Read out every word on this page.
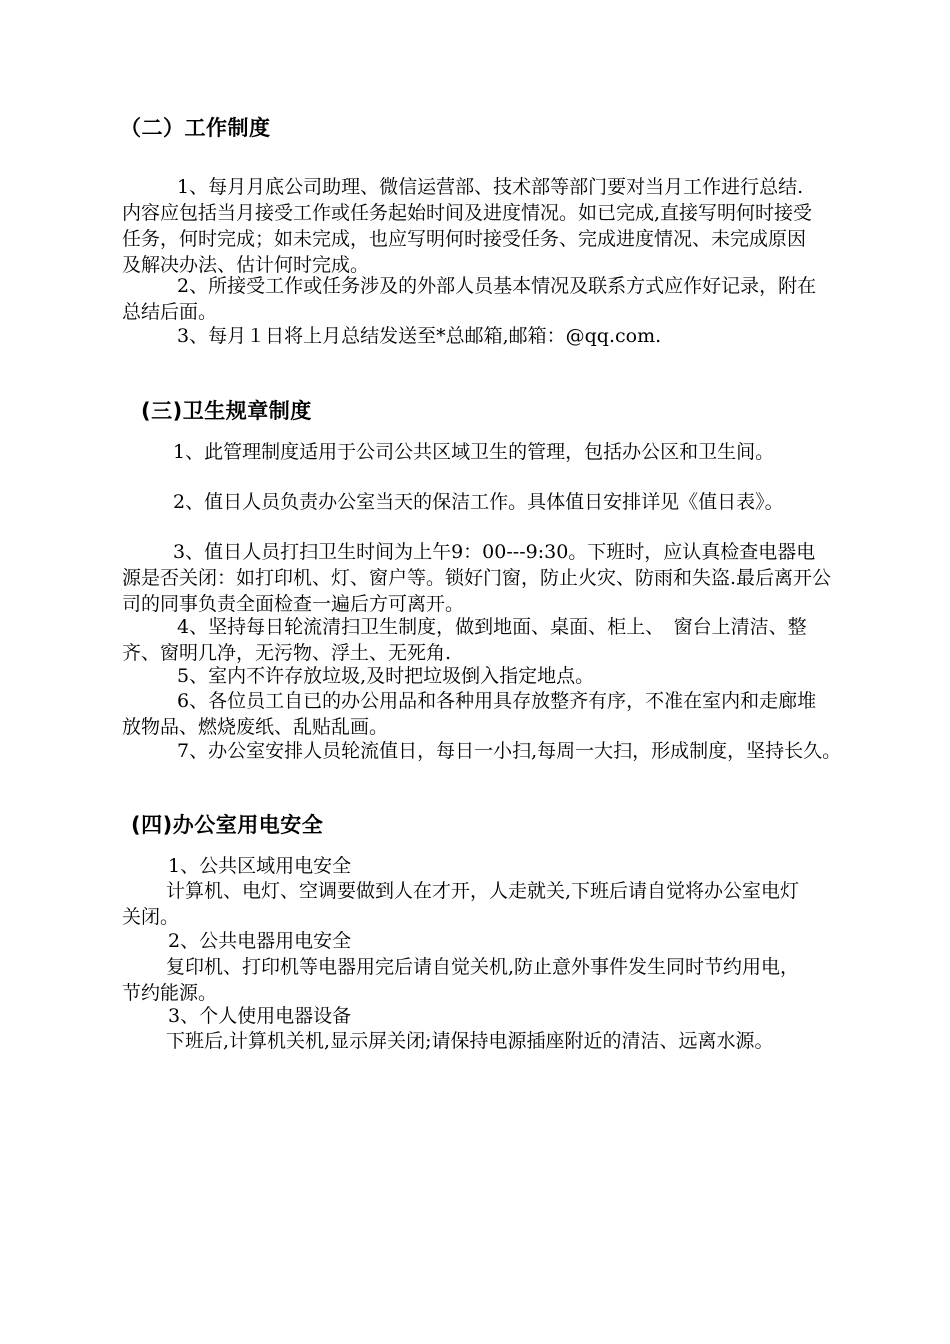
（二）工作制度
1、每月月底公司助理、微信运营部、技术部等部门要对当月工作进行总结.内容应包括当月接受工作或任务起始时间及进度情况。如已完成,直接写明何时接受任务，何时完成；如未完成，也应写明何时接受任务、完成进度情况、未完成原因及解决办法、估计何时完成。
2、所接受工作或任务涉及的外部人员基本情况及联系方式应作好记录，附在总结后面。
3、每月１日将上月总结发送至*总邮箱,邮箱：@qq.com.
(三)卫生规章制度
1、此管理制度适用于公司公共区域卫生的管理，包括办公区和卫生间。
2、值日人员负责办公室当天的保洁工作。具体值日安排详见《值日表》。
3、值日人员打扫卫生时间为上午9：00---9:30。下班时，应认真检查电器电源是否关闭：如打印机、灯、窗户等。锁好门窗，防止火灾、防雨和失盗.最后离开公司的同事负责全面检查一遍后方可离开。
4、坚持每日轮流清扫卫生制度，做到地面、桌面、柜上、　窗台上清洁、整齐、窗明几净，无污物、浮土、无死角.
5、室内不许存放垃圾,及时把垃圾倒入指定地点。
6、各位员工自已的办公用品和各种用具存放整齐有序，不准在室内和走廊堆放物品、燃烧废纸、乱贴乱画。
7、办公室安排人员轮流值日，每日一小扫,每周一大扫，形成制度，坚持长久。
(四)办公室用电安全
1、公共区域用电安全
计算机、电灯、空调要做到人在才开，人走就关,下班后请自觉将办公室电灯关闭。
2、公共电器用电安全
复印机、打印机等电器用完后请自觉关机,防止意外事件发生同时节约用电，节约能源。
3、个人使用电器设备
下班后,计算机关机,显示屏关闭;请保持电源插座附近的清洁、远离水源。
